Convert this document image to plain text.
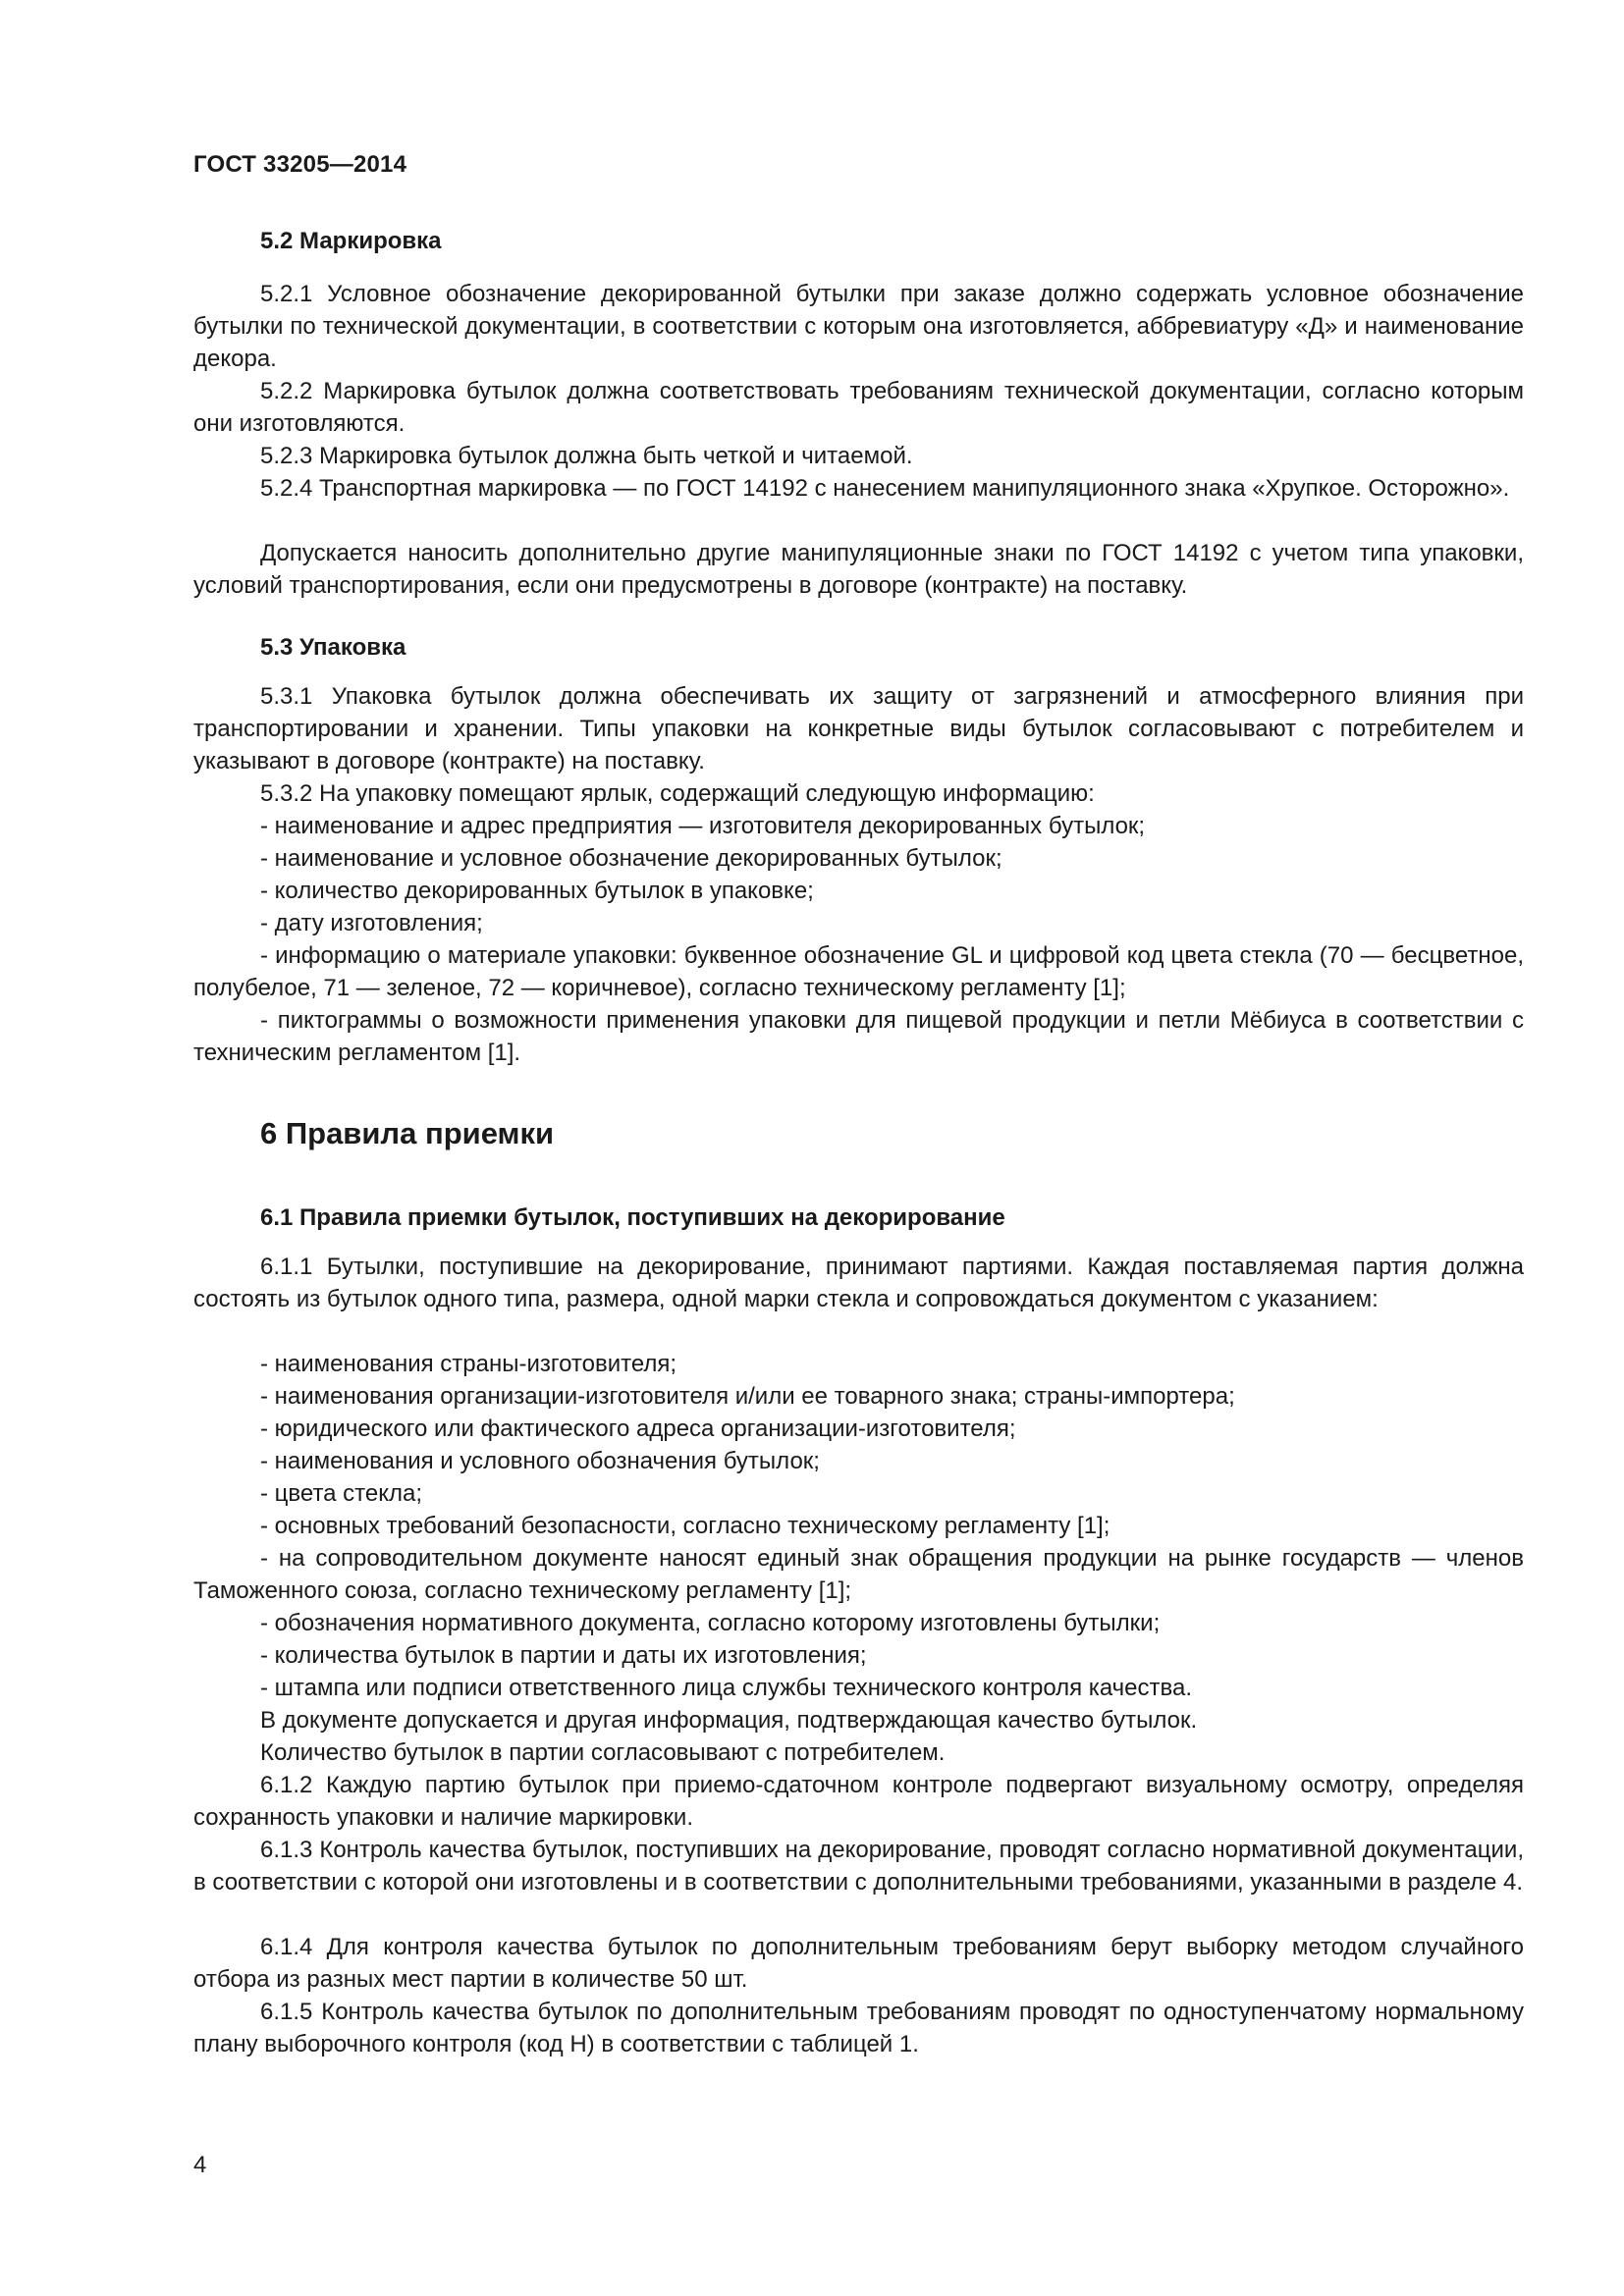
ГОСТ 33205—2014
5.2 Маркировка

5.2.1 Условное обозначение декорированной бутылки при заказе должно содержать условное обозначение бутылки по технической документации, в соответствии с которым она изготовляется, аббревиатуру «Д» и наименование декора.

5.2.2 Маркировка бутылок должна соответствовать требованиям технической документации, согласно которым они изготовляются.

5.2.3 Маркировка бутылок должна быть четкой и читаемой.

5.2.4 Транспортная маркировка — по ГОСТ 14192 с нанесением манипуляционного знака «Хрупкое. Осторожно».

Допускается наносить дополнительно другие манипуляционные знаки по ГОСТ 14192 с учетом типа упаковки, условий транспортирования, если они предусмотрены в договоре (контракте) на поставку.

5.3 Упаковка

5.3.1 Упаковка бутылок должна обеспечивать их защиту от загрязнений и атмосферного влияния при транспортировании и хранении. Типы упаковки на конкретные виды бутылок согласовывают с потребителем и указывают в договоре (контракте) на поставку.

5.3.2 На упаковку помещают ярлык, содержащий следующую информацию:

- наименование и адрес предприятия — изготовителя декорированных бутылок;

- наименование и условное обозначение декорированных бутылок;

- количество декорированных бутылок в упаковке;

- дату изготовления;

- информацию о материале упаковки: буквенное обозначение GL и цифровой код цвета стекла (70 — бесцветное, полубелое, 71 — зеленое, 72 — коричневое), согласно техническому регламенту [1];

- пиктограммы о возможности применения упаковки для пищевой продукции и петли Мёбиуса в соответствии с техническим регламентом [1].

6 Правила приемки
6.1 Правила приемки бутылок, поступивших на декорирование

6.1.1 Бутылки, поступившие на декорирование, принимают партиями. Каждая поставляемая партия должна состоять из бутылок одного типа, размера, одной марки стекла и сопровождаться документом с указанием:

- наименования страны-изготовителя;

- наименования организации-изготовителя и/или ее товарного знака; страны-импортера;

- юридического или фактического адреса организации-изготовителя;

- наименования и условного обозначения бутылок;

- цвета стекла;

- основных требований безопасности, согласно техническому регламенту [1];

- на сопроводительном документе наносят единый знак обращения продукции на рынке государств — членов Таможенного союза, согласно техническому регламенту [1];

- обозначения нормативного документа, согласно которому изготовлены бутылки;

- количества бутылок в партии и даты их изготовления;

- штампа или подписи ответственного лица службы технического контроля качества.

В документе допускается и другая информация, подтверждающая качество бутылок.

Количество бутылок в партии согласовывают с потребителем.

6.1.2 Каждую партию бутылок при приемо-сдаточном контроле подвергают визуальному осмотру, определяя сохранность упаковки и наличие маркировки.

6.1.3 Контроль качества бутылок, поступивших на декорирование, проводят согласно нормативной документации, в соответствии с которой они изготовлены и в соответствии с дополнительными требованиями, указанными в разделе 4.

6.1.4 Для контроля качества бутылок по дополнительным требованиям берут выборку методом случайного отбора из разных мест партии в количестве 50 шт.

6.1.5 Контроль качества бутылок по дополнительным требованиям проводят по одноступенчатому нормальному плану выборочного контроля (код Н) в соответствии с таблицей 1.

4
